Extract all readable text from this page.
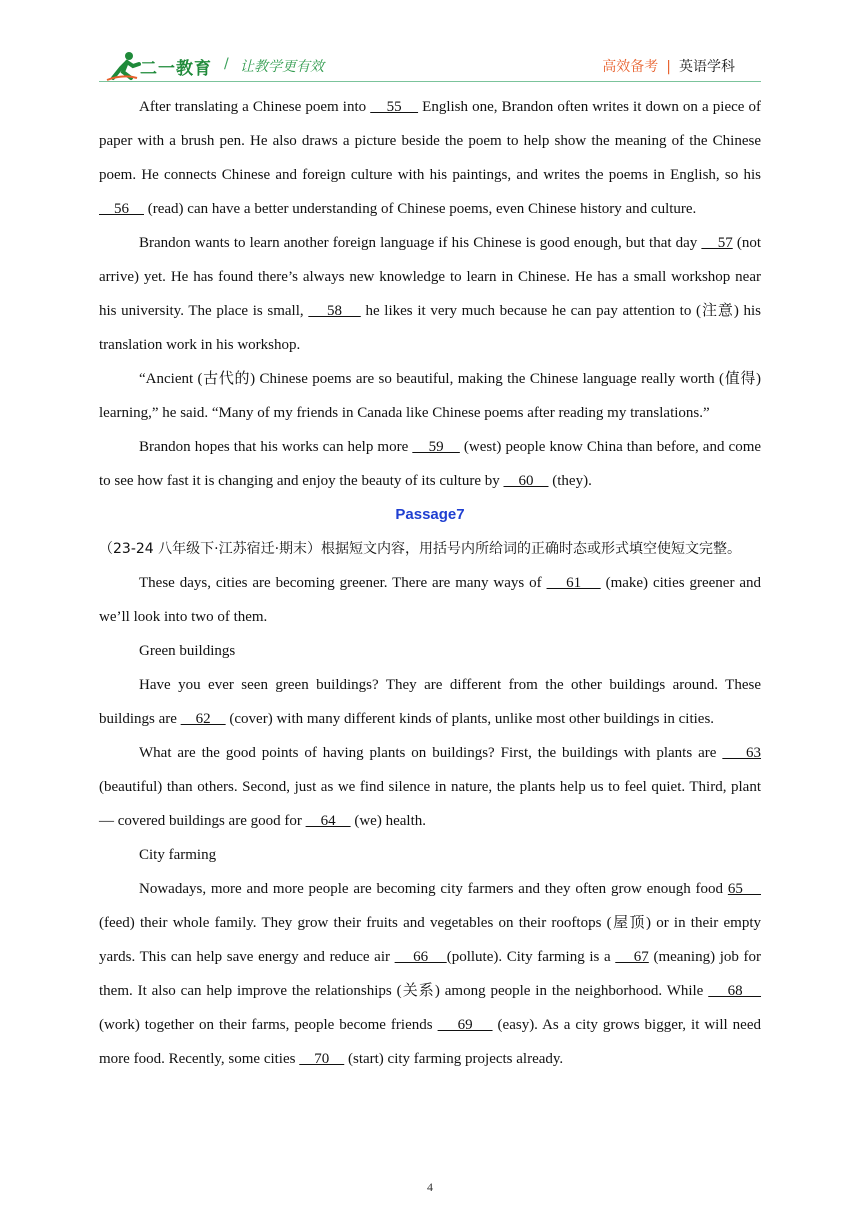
二一教育 / 让教学更有效	高效备考 | 英语学科

After translating a Chinese poem into     55     English one, Brandon often writes it down on a piece of paper with a brush pen. He also draws a picture beside the poem to help show the meaning of the Chinese poem. He connects Chinese and foreign culture with his paintings, and writes the poems in English, so his     56     (read) can have a better understanding of Chinese poems, even Chinese history and culture.

Brandon wants to learn another foreign language if his Chinese is good enough, but that day     57 (not arrive) yet. He has found there’s always new knowledge to learn in Chinese. He has a small workshop near his university. The place is small,     58     he likes it very much because he can pay attention to (注意) his translation work in his workshop.

“Ancient (古代的) Chinese poems are so beautiful, making the Chinese language really worth (值得) learning,” he said. “Many of my friends in Canada like Chinese poems after reading my translations.”

Brandon hopes that his works can help more     59     (west) people know China than before, and come to see how fast it is changing and enjoy the beauty of its culture by     60     (they).

Passage7

（23-24 八年级下·江苏宿迁·期末）根据短文内容，用括号内所给词的正确时态或形式填空使短文完整。

These days, cities are becoming greener. There are many ways of     61     (make) cities greener and we’ll look into two of them.

Green buildings

Have you ever seen green buildings? They are different from the other buildings around. These buildings are     62     (cover) with many different kinds of plants, unlike most other buildings in cities.

What are the good points of having plants on buildings? First, the buildings with plants are     63 (beautiful) than others. Second, just as we find silence in nature, the plants help us to feel quiet. Third, plant— covered buildings are good for     64     (we) health.

City farming

Nowadays, more and more people are becoming city farmers and they often grow enough food 65     (feed) their whole family. They grow their fruits and vegetables on their rooftops (屋顶) or in their empty yards. This can help save energy and reduce air     66    (pollute). City farming is a     67 (meaning) job for them. It also can help improve the relationships (关系) among people in the neighborhood. While     68     (work) together on their farms, people become friends     69     (easy). As a city grows bigger, it will need more food. Recently, some cities     70     (start) city farming projects already.

4
